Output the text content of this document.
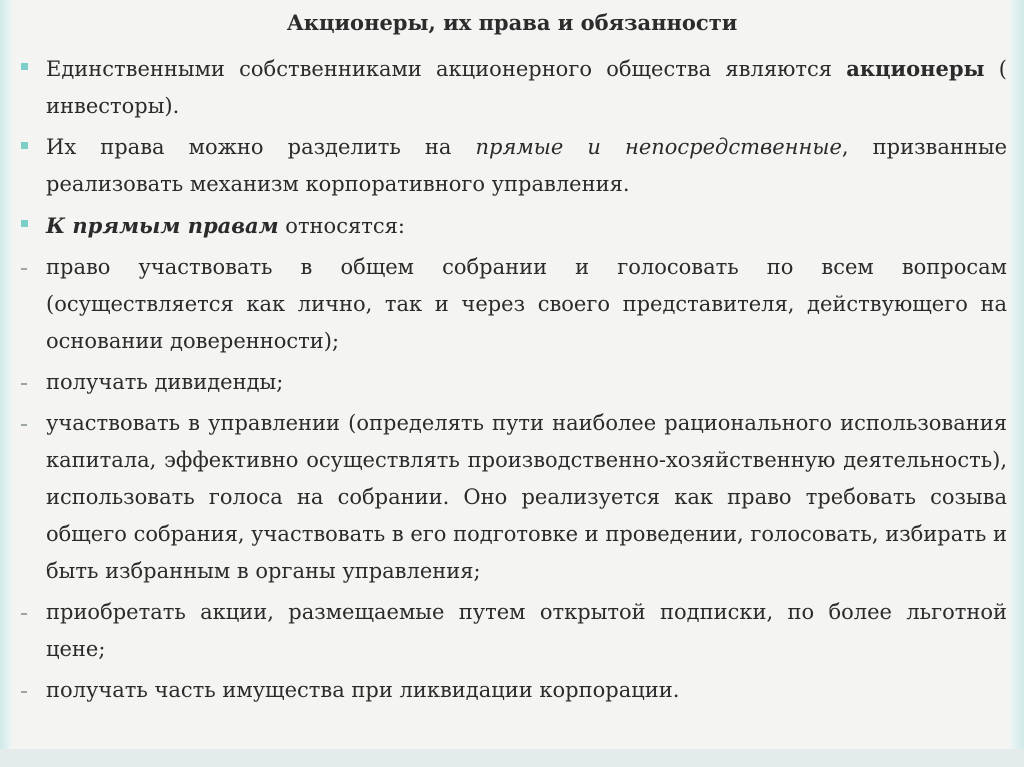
Акционеры, их права и обязанности
Единственными собственниками акционерного общества являются акционеры ( инвесторы).
Их права можно разделить на прямые и непосредственные, призванные реализовать механизм корпоративного управления.
К прямым правам относятся:
право участвовать в общем собрании и голосовать по всем вопросам (осуществляется как лично, так и через своего представителя, действующего на основании доверенности);
получать дивиденды;
участвовать в управлении (определять пути наиболее рационального использования капитала, эффективно осуществлять производственно-хозяйственную деятельность), использовать голоса на собрании. Оно реализуется как право требовать созыва общего собрания, участвовать в его подготовке и проведении, голосовать, избирать и быть избранным в органы управления;
приобретать акции, размещаемые путем открытой подписки, по более льготной цене;
получать часть имущества при ликвидации корпорации.
